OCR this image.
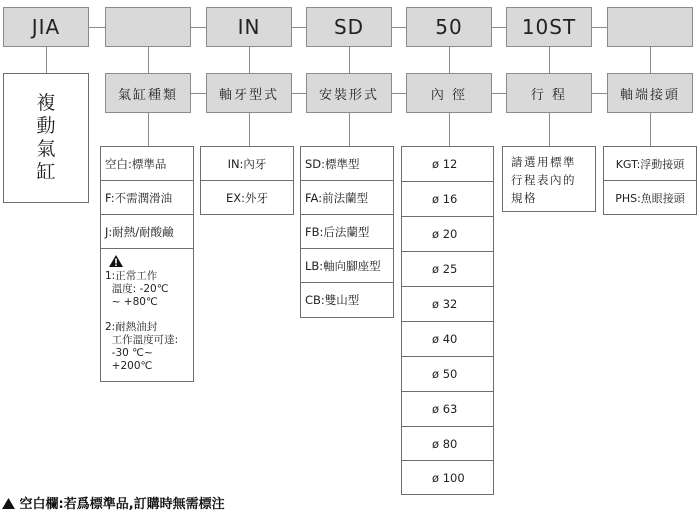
JIA	IN	SD	50	10ST
複
動
氣
缸
氣缸種類	軸牙型式	安裝形式	內 徑	行 程	軸端接頭
空白:標準品
F:不需潤滑油
J:耐熱/耐酸鹼
1:正常工作
溫度: -20℃
~ +80℃
2:耐熱油封
工作溫度可達:
-30 ℃~
+200℃
IN:內牙
EX:外牙
SD:標準型
FA:前法蘭型
FB:后法蘭型
LB:軸向腳座型
CB:雙山型
ø
12
ø
16
ø
20
ø
25
ø
32
ø
40
ø
50
ø
63
ø
80
ø
100
請選用標準
行程表內的
規格
KGT:浮動接頭
PHS:魚眼接頭
空白欄:若爲標準品,訂購時無需標注
